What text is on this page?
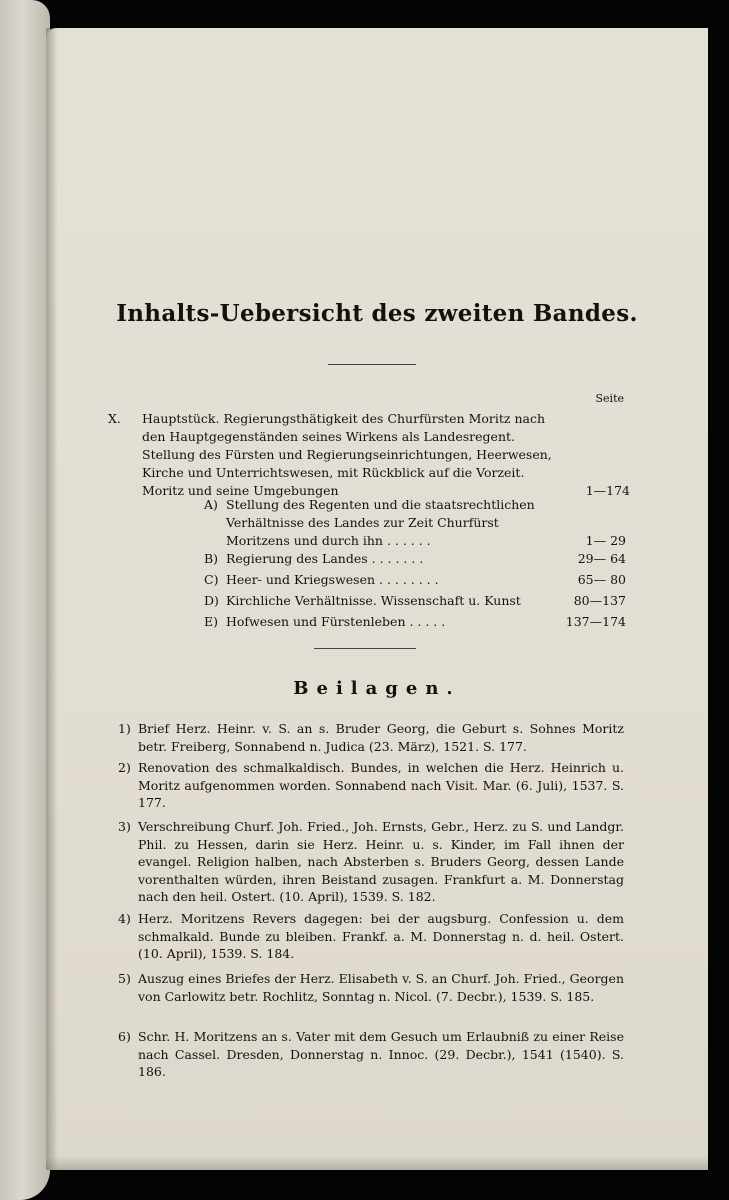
Inhalts-Uebersicht des zweiten Bandes.
Seite
X. Hauptstück. Regierungsthätigkeit des Churfürsten Moritz nach den Hauptgegenständen seines Wirkens als Landesregent. Stellung des Fürsten und Regierungseinrichtungen, Heerwesen, Kirche und Unterrichtswesen, mit Rückblick auf die Vorzeit. Moritz und seine Umgebungen	1—174
A) Stellung des Regenten und die staatsrechtlichen Verhältnisse des Landes zur Zeit Churfürst Moritzens und durch ihn . . . . . .	1— 29
B) Regierung des Landes . . . . . . .	29— 64
C) Heer- und Kriegswesen . . . . . . . .	65— 80
D) Kirchliche Verhältnisse. Wissenschaft u. Kunst	80—137
E) Hofwesen und Fürstenleben . . . . .	137—174
Beilagen.
1) Brief Herz. Heinr. v. S. an s. Bruder Georg, die Geburt s. Sohnes Moritz betr. Freiberg, Sonnabend n. Judica (23. März), 1521. S. 177.
2) Renovation des schmalkaldisch. Bundes, in welchen die Herz. Heinrich u. Moritz aufgenommen worden. Sonnabend nach Visit. Mar. (6. Juli), 1537. S. 177.
3) Verschreibung Churf. Joh. Fried., Joh. Ernsts, Gebr., Herz. zu S. und Landgr. Phil. zu Hessen, darin sie Herz. Heinr. u. s. Kinder, im Fall ihnen der evangel. Religion halben, nach Absterben s. Bruders Georg, dessen Lande vorenthalten würden, ihren Beistand zusagen. Frankfurt a. M. Donnerstag nach den heil. Ostert. (10. April), 1539. S. 182.
4) Herz. Moritzens Revers dagegen: bei der augsburg. Confession u. dem schmalkald. Bunde zu bleiben. Frankf. a. M. Donnerstag n. d. heil. Ostert. (10. April), 1539. S. 184.
5) Auszug eines Briefes der Herz. Elisabeth v. S. an Churf. Joh. Fried., Georgen von Carlowitz betr. Rochlitz, Sonntag n. Nicol. (7. Decbr.), 1539. S. 185.
6) Schr. H. Moritzens an s. Vater mit dem Gesuch um Erlaubniß zu einer Reise nach Cassel. Dresden, Donnerstag n. Innoc. (29. Decbr.), 1541 (1540). S. 186.
